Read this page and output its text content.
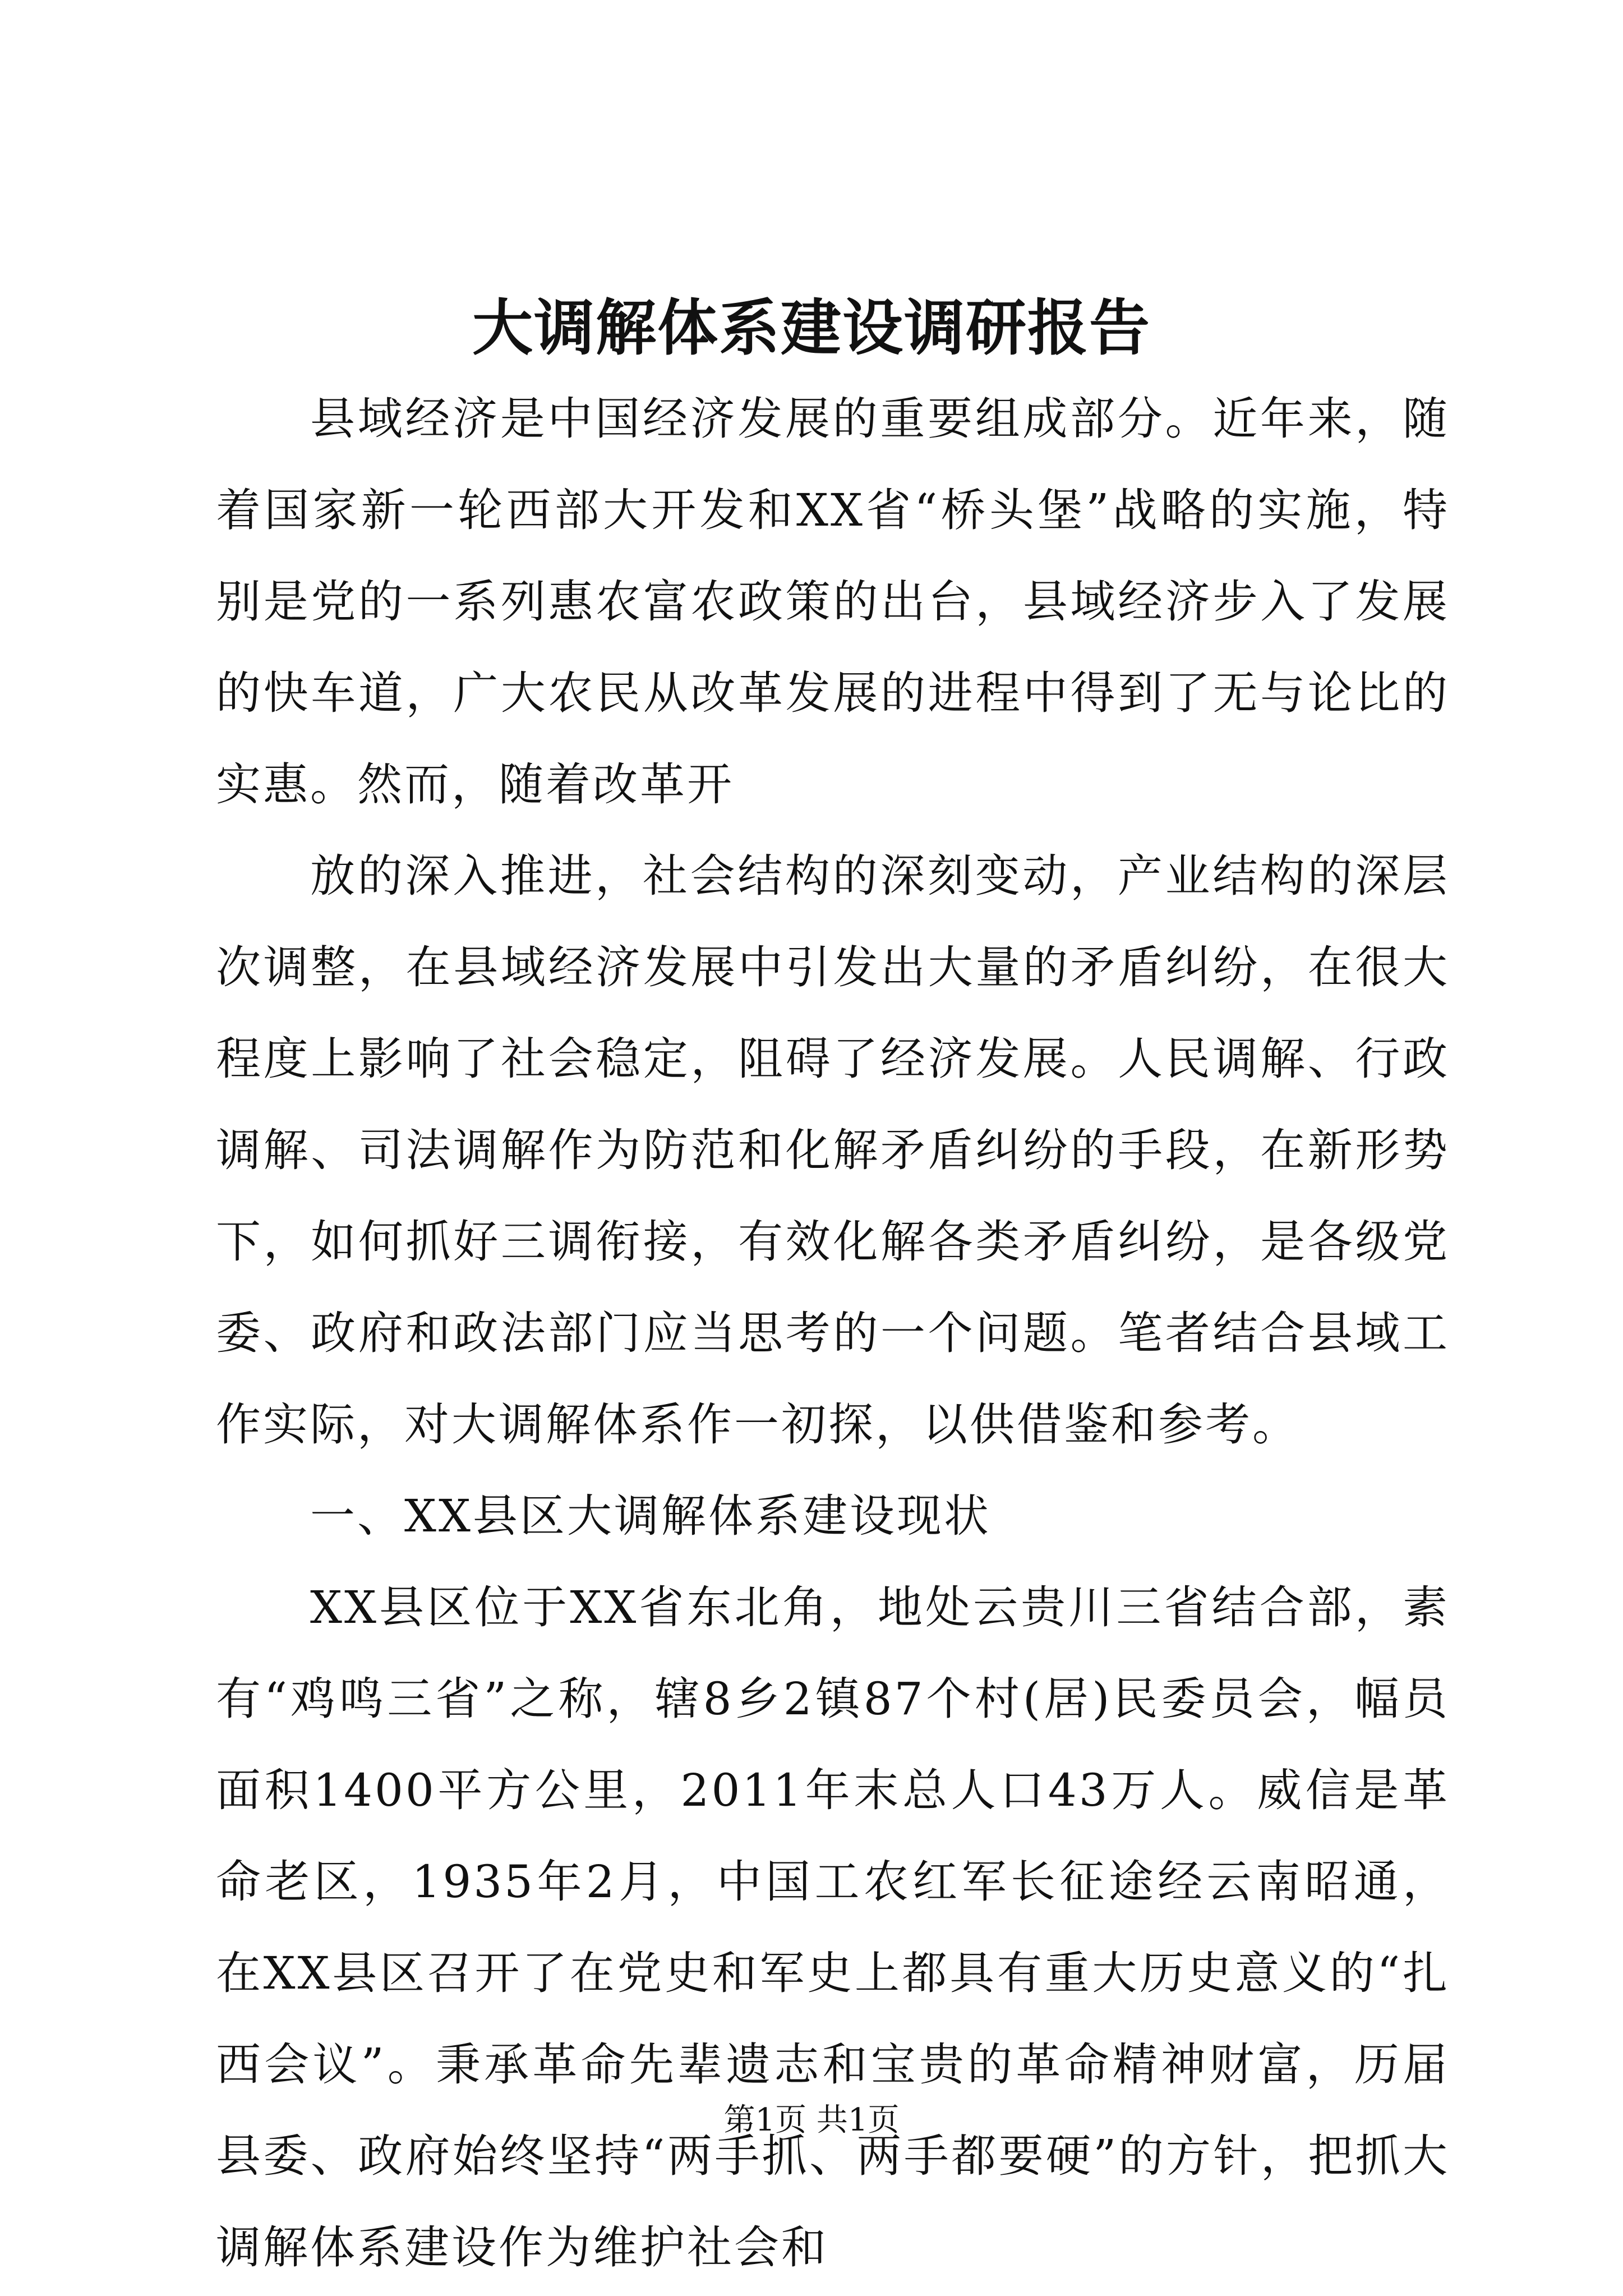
大调解体系建设调研报告

县域经济是中国经济发展的重要组成部分。近年来，随着国家新一轮西部大开发和XX省“桥头堡”战略的实施，特别是党的一系列惠农富农政策的出台，县域经济步入了发展的快车道，广大农民从改革发展的进程中得到了无与论比的实惠。然而，随着改革开

放的深入推进，社会结构的深刻变动，产业结构的深层次调整，在县域经济发展中引发出大量的矛盾纠纷，在很大程度上影响了社会稳定，阻碍了经济发展。人民调解、行政调解、司法调解作为防范和化解矛盾纠纷的手段，在新形势下，如何抓好三调衔接，有效化解各类矛盾纠纷，是各级党委、政府和政法部门应当思考的一个问题。笔者结合县域工作实际，对大调解体系作一初探，以供借鉴和参考。

一、XX县区大调解体系建设现状

XX县区位于XX省东北角，地处云贵川三省结合部，素有“鸡鸣三省”之称，辖8乡2镇87个村(居)民委员会，幅员面积1400平方公里，2011年末总人口43万人。威信是革命老区，1935年2月，中国工农红军长征途经云南昭通，在XX县区召开了在党史和军史上都具有重大历史意义的“扎西会议”。秉承革命先辈遗志和宝贵的革命精神财富，历届县委、政府始终坚持“两手抓、两手都要硬”的方针，把抓大调解体系建设作为维护社会和

第1页 共1页
